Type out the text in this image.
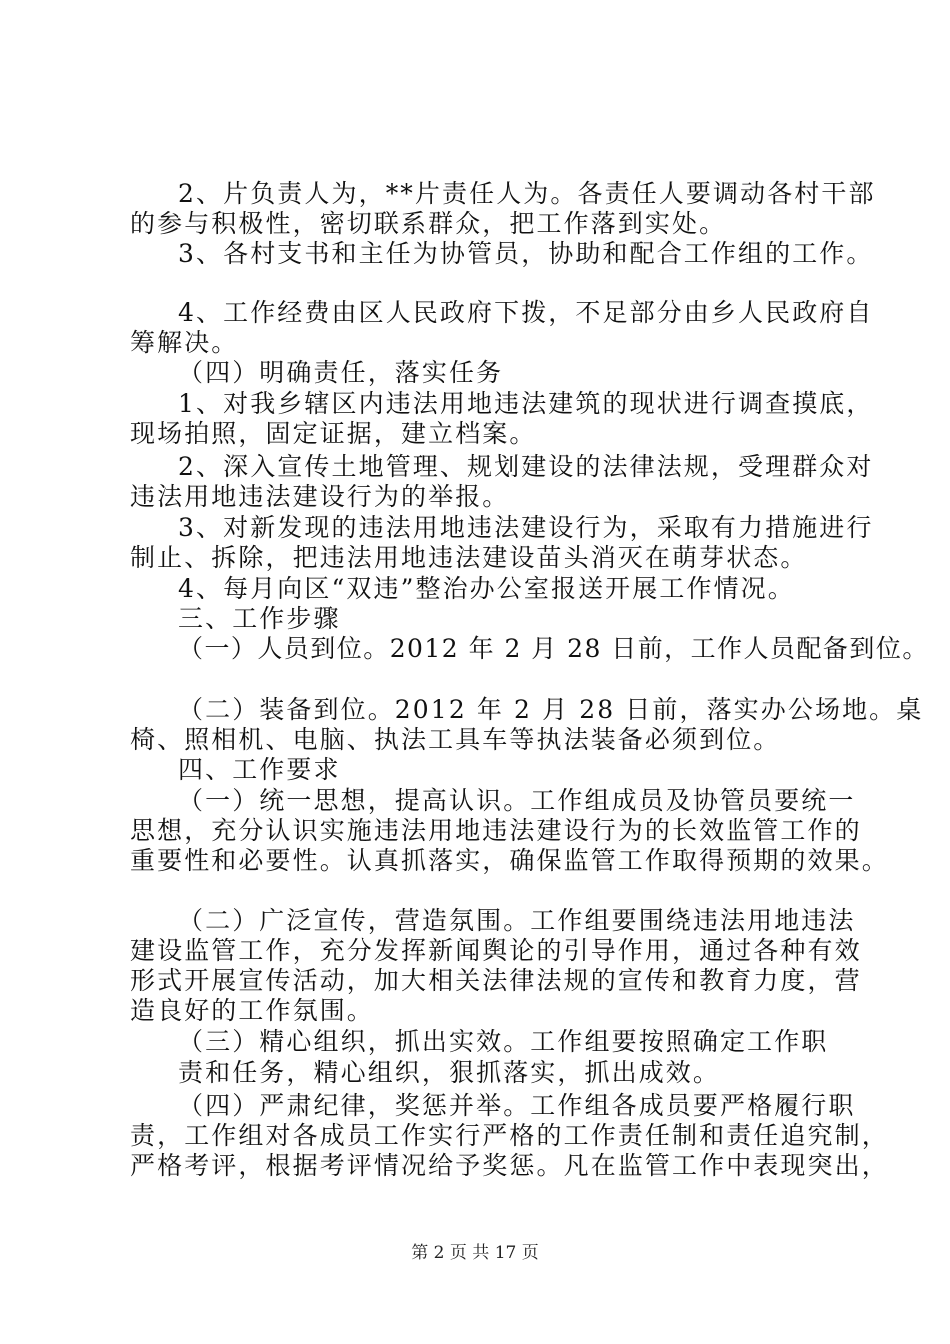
2、片负责人为，**片责任人为。各责任人要调动各村干部
的参与积极性，密切联系群众，把工作落到实处。
3、各村支书和主任为协管员，协助和配合工作组的工作。
4、工作经费由区人民政府下拨，不足部分由乡人民政府自
筹解决。
（四）明确责任，落实任务
1、对我乡辖区内违法用地违法建筑的现状进行调查摸底，
现场拍照，固定证据，建立档案。
2、深入宣传土地管理、规划建设的法律法规，受理群众对
违法用地违法建设行为的举报。
3、对新发现的违法用地违法建设行为，采取有力措施进行
制止、拆除，把违法用地违法建设苗头消灭在萌芽状态。
4、每月向区“双违”整治办公室报送开展工作情况。
三、工作步骤
（一）人员到位。2012 年 2 月 28 日前，工作人员配备到位。
（二）装备到位。2012 年 2 月 28 日前，落实办公场地。桌
椅、照相机、电脑、执法工具车等执法装备必须到位。
四、工作要求
（一）统一思想，提高认识。工作组成员及协管员要统一
思想，充分认识实施违法用地违法建设行为的长效监管工作的
重要性和必要性。认真抓落实，确保监管工作取得预期的效果。
（二）广泛宣传，营造氛围。工作组要围绕违法用地违法
建设监管工作，充分发挥新闻舆论的引导作用，通过各种有效
形式开展宣传活动，加大相关法律法规的宣传和教育力度，营
造良好的工作氛围。
（三）精心组织，抓出实效。工作组要按照确定工作职
责和任务，精心组织，狠抓落实，抓出成效。
（四）严肃纪律，奖惩并举。工作组各成员要严格履行职
责，工作组对各成员工作实行严格的工作责任制和责任追究制，
严格考评，根据考评情况给予奖惩。凡在监管工作中表现突出，
第 2 页 共 17 页
